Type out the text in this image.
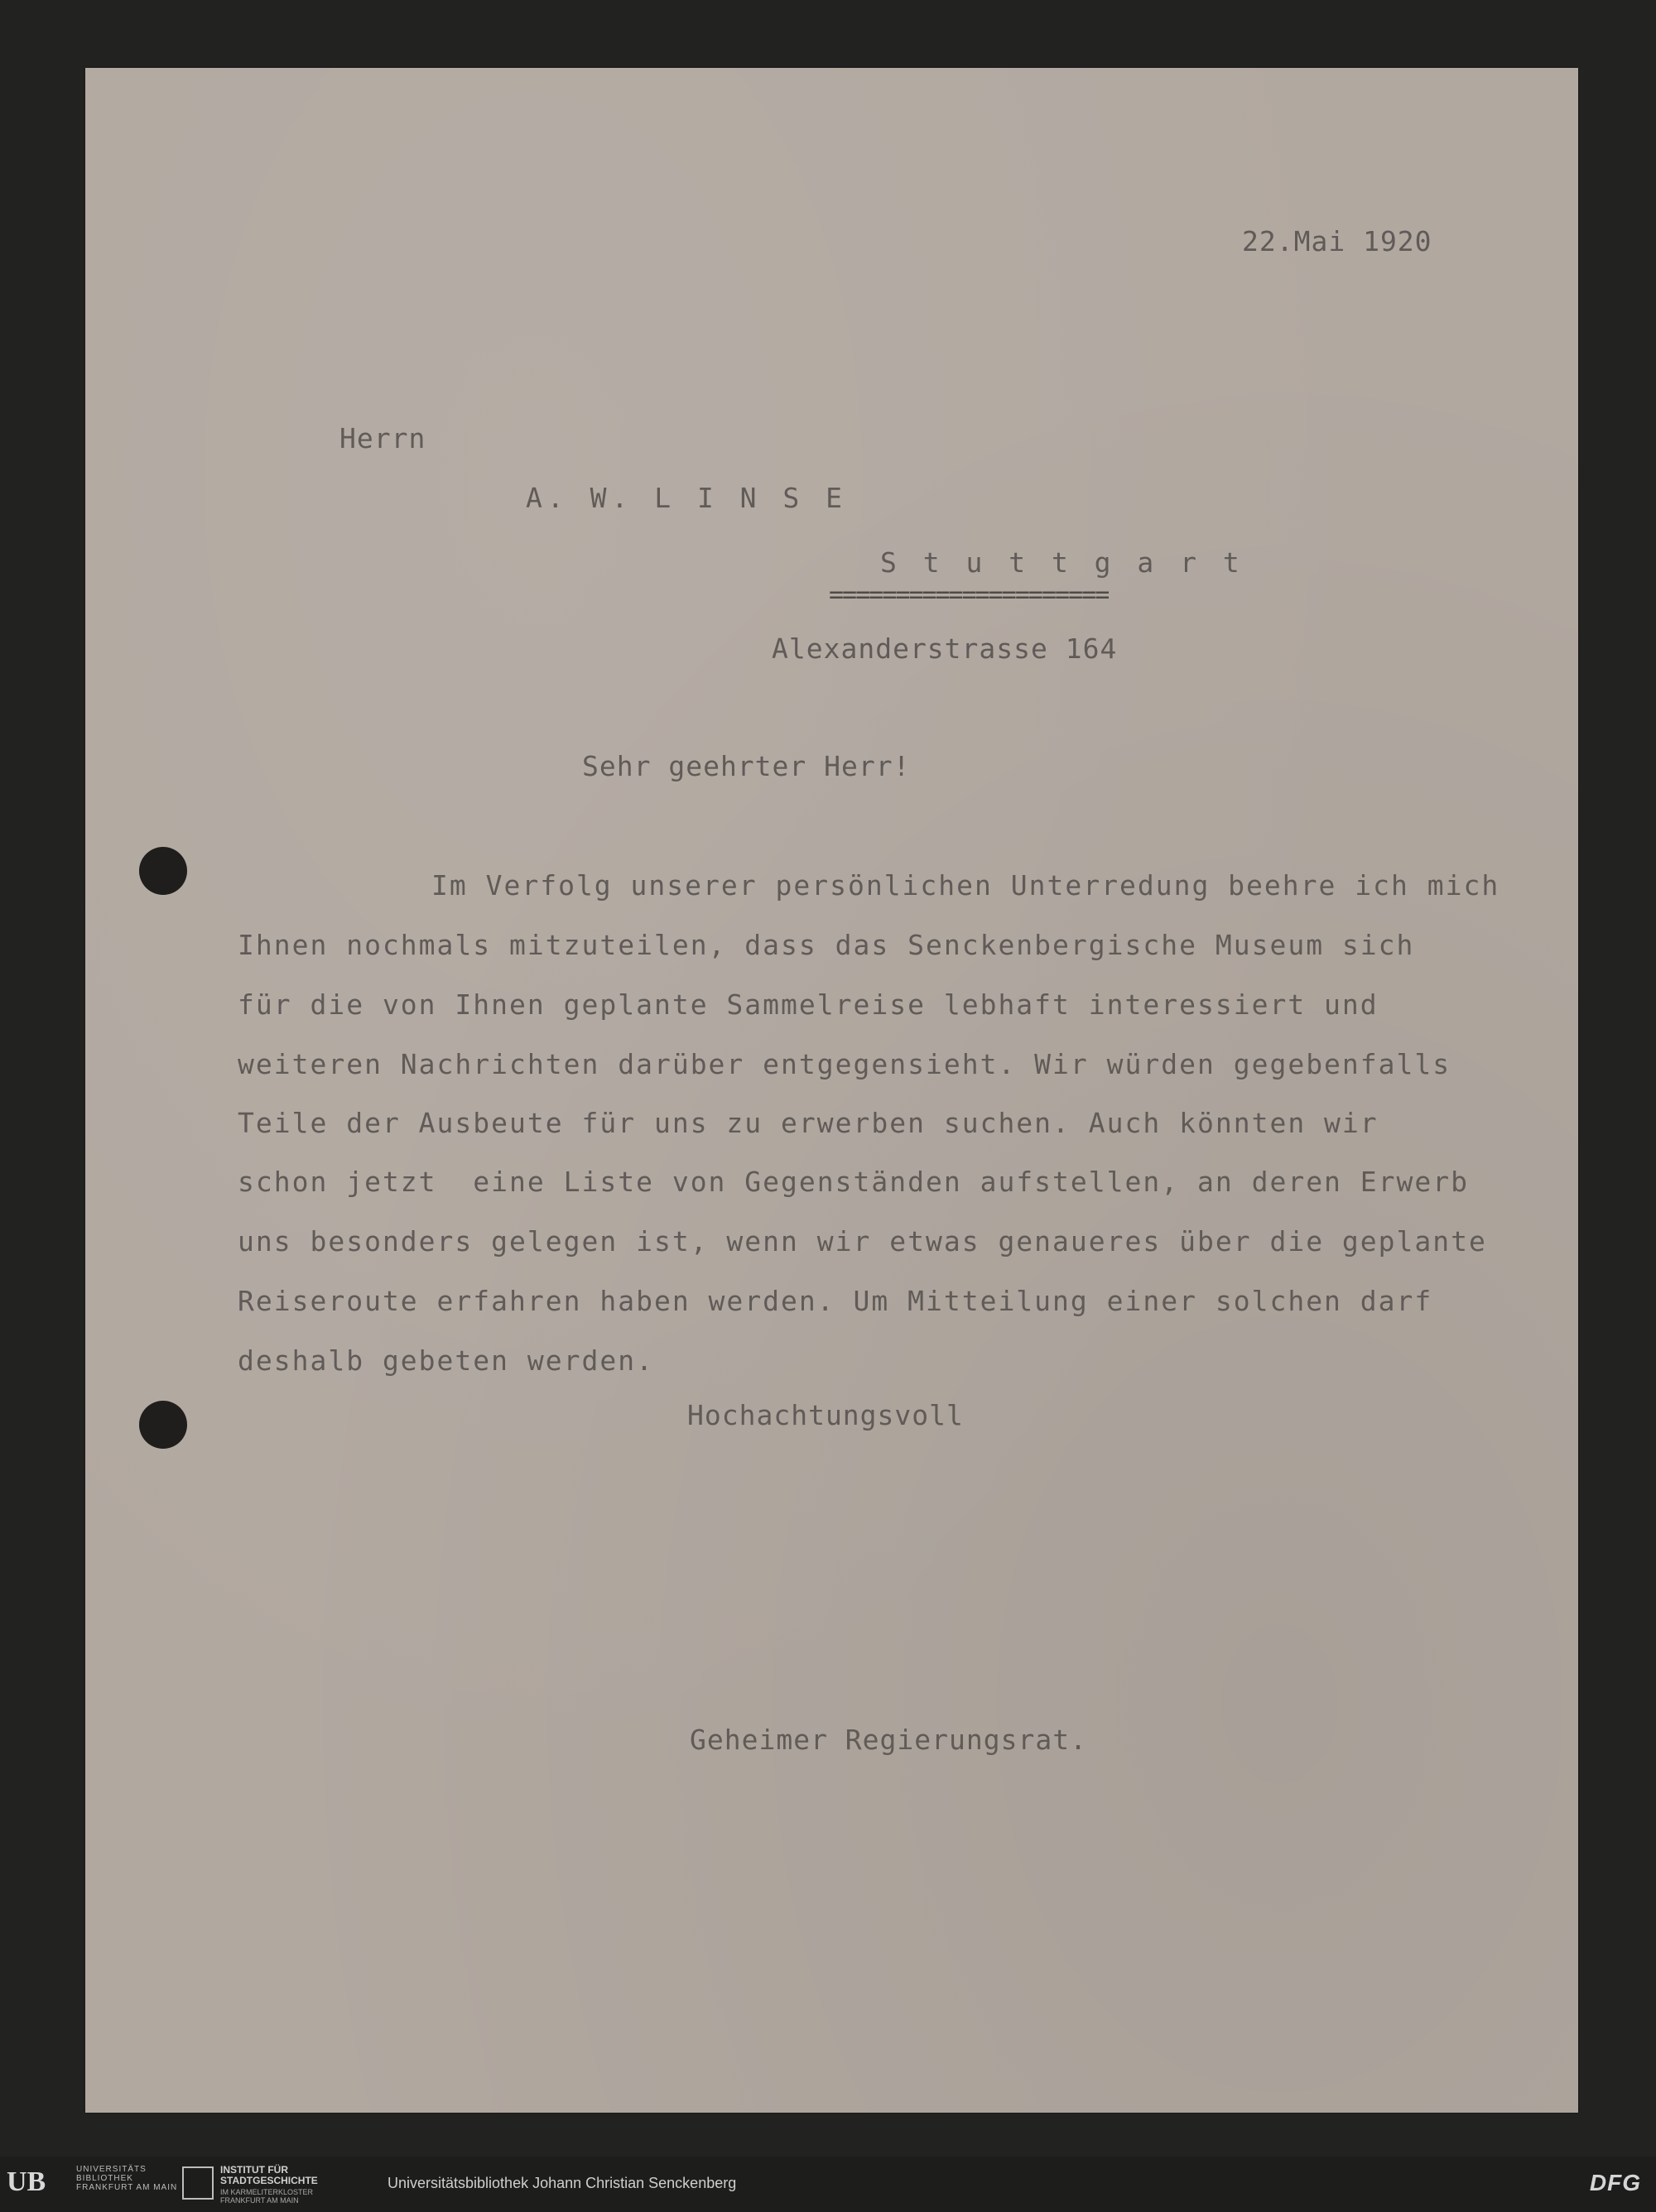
22.Mai 1920
Herrn
A. W. L I N S E
S t u t t g a r t
=====================
Alexanderstrasse 164
Sehr geehrter Herr!
Im Verfolg unserer persönlichen Unterredung beehre ich mich
Ihnen nochmals mitzuteilen, dass das Senckenbergische Museum sich
für die von Ihnen geplante Sammelreise lebhaft interessiert und
weiteren Nachrichten darüber entgegensieht. Wir würden gegebenfalls
Teile der Ausbeute für uns zu erwerben suchen. Auch könnten wir
schon jetzt  eine Liste von Gegenständen aufstellen, an deren Erwerb
uns besonders gelegen ist, wenn wir etwas genaueres über die geplante
Reiseroute erfahren haben werden. Um Mitteilung einer solchen darf
deshalb gebeten werden.
Hochachtungsvoll
Geheimer Regierungsrat.
UB	UNIVERSITÄTS
BIBLIOTHEK
FRANKFURT AM MAIN
INSTITUT FÜR
STADTGESCHICHTE
IM KARMELITERKLOSTER
FRANKFURT AM MAIN
Universitätsbibliothek Johann Christian Senckenberg	DFG
